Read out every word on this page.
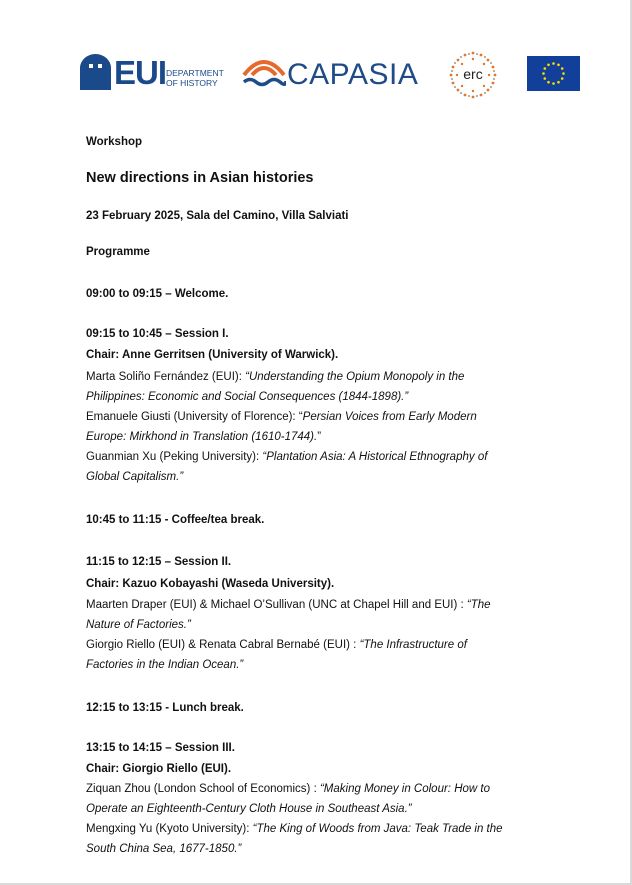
EUI DEPARTMENT
OF HISTORY CAPASIA	erc
Workshop
New directions in Asian histories
23 February 2025, Sala del Camino, Villa Salviati
Programme
09:00 to 09:15 – Welcome.
09:15 to 10:45 – Session I.
Chair: Anne Gerritsen (University of Warwick).
Marta Soliño Fernández (EUI): “Understanding the Opium Monopoly in the
Philippines: Economic and Social Consequences (1844-1898).”
Emanuele Giusti (University of Florence): “Persian Voices from Early Modern
Europe: Mirkhond in Translation (1610-1744).”
Guanmian Xu (Peking University): “Plantation Asia: A Historical Ethnography of
Global Capitalism.”
10:45 to 11:15 - Coffee/tea break.
11:15 to 12:15 – Session II.
Chair: Kazuo Kobayashi (Waseda University).
Maarten Draper (EUI) & Michael O’Sullivan (UNC at Chapel Hill and EUI) : “The
Nature of Factories.”
Giorgio Riello (EUI) & Renata Cabral Bernabé (EUI) : “The Infrastructure of
Factories in the Indian Ocean.”
12:15 to 13:15 - Lunch break.
13:15 to 14:15 – Session III.
Chair: Giorgio Riello (EUI).
Ziquan Zhou (London School of Economics) : “Making Money in Colour: How to
Operate an Eighteenth-Century Cloth House in Southeast Asia.”
Mengxing Yu (Kyoto University): “The King of Woods from Java: Teak Trade in the
South China Sea, 1677-1850.”
